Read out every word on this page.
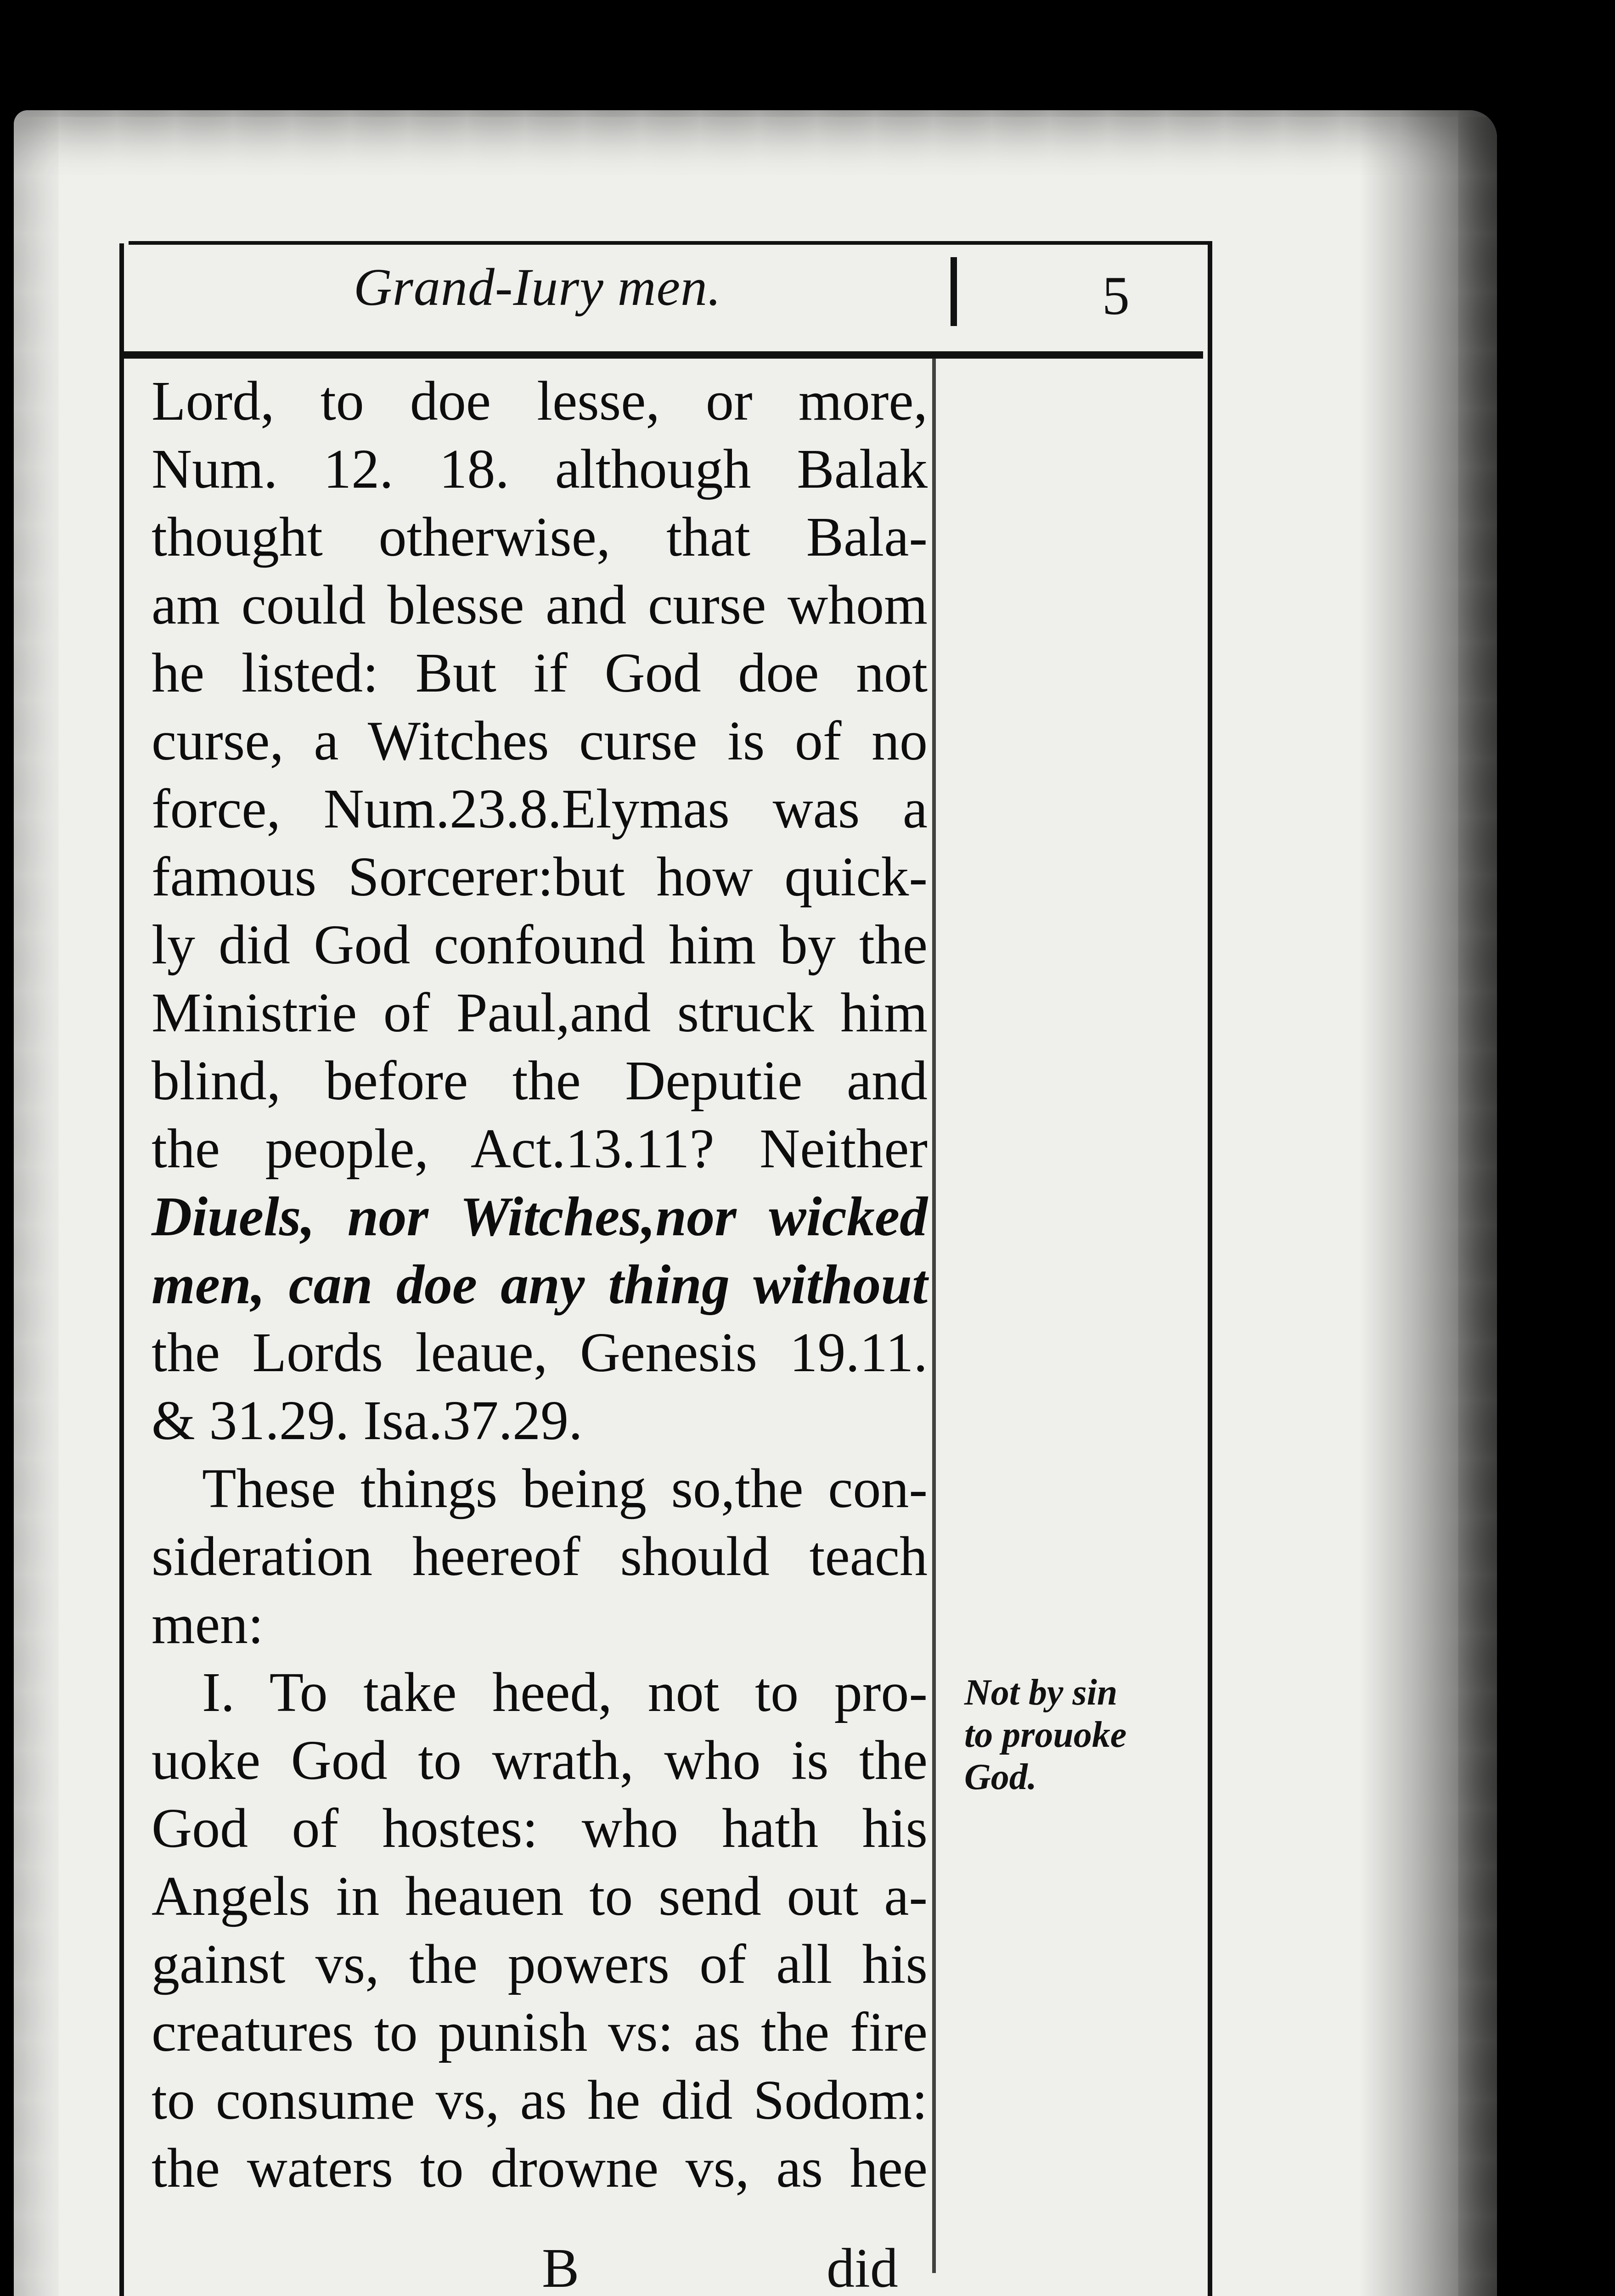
Grand-Iury men.	5
Lord, to doe lesse, or more,
Num. 12. 18. although Balak
thought otherwise, that Bala-
am could blesse and curse whom
he listed: But if God doe not
curse, a Witches curse is of no
force, Num.23.8.Elymas was a
famous Sorcerer:but how quick-
ly did God confound him by the
Ministrie of Paul,and struck him
blind, before the Deputie and
the people, Act.13.11? Neither
Diuels, nor Witches,nor wicked
men, can doe any thing without
the Lords leaue, Genesis 19.11.
& 31.29. Isa.37.29.
These things being so,the con-
sideration heereof should teach
men:
I. To take heed, not to pro-
uoke God to wrath, who is the
God of hostes: who hath his
Angels in heauen to send out a-
gainst vs, the powers of all his
creatures to punish vs: as the fire
to consume vs, as he did Sodom:
the waters to drowne vs, as hee
B	did
Not by sin
to prouoke
God.
